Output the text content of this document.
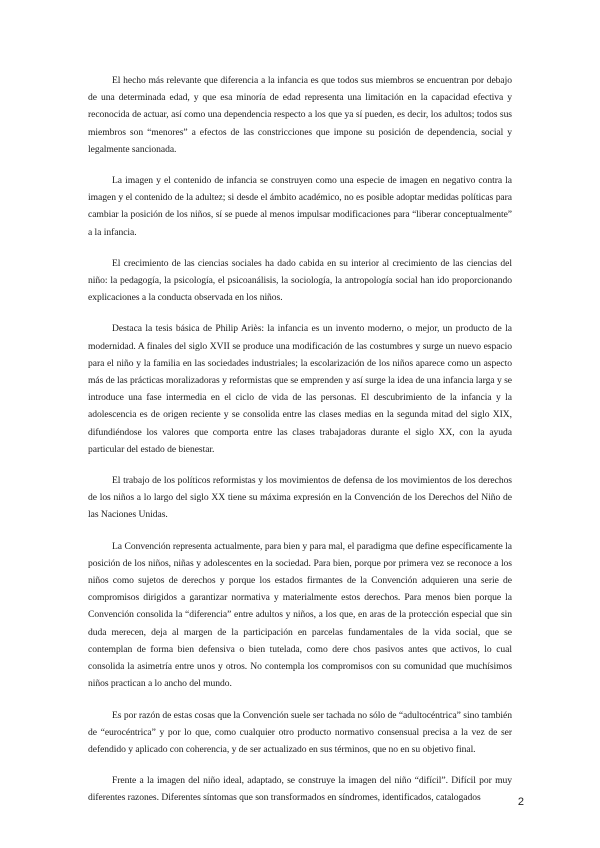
El hecho más relevante que diferencia a la infancia es que todos sus miembros se encuentran por debajo de una determinada edad, y que esa minoría de edad representa una limitación en la capacidad efectiva y reconocida de actuar, así como una dependencia respecto a los que ya sí pueden, es decir, los adultos; todos sus miembros son “menores” a efectos de las constricciones que impone su posición de dependencia, social y legalmente sancionada.

La imagen y el contenido de infancia se construyen como una especie de imagen en negativo contra la imagen y el contenido de la adultez; si desde el ámbito académico, no es posible adoptar medidas políticas para cambiar la posición de los niños, sí se puede al menos impulsar modificaciones para “liberar conceptualmente” a la infancia.

El crecimiento de las ciencias sociales ha dado cabida en su interior al crecimiento de las ciencias del niño: la pedagogía, la psicología, el psicoanálisis, la sociología, la antropología social han ido proporcionando explicaciones a la conducta observada en los niños.

Destaca la tesis básica de Philip Ariès: la infancia es un invento moderno, o mejor, un producto de la modernidad. A finales del siglo XVII se produce una modificación de las costumbres y surge un nuevo espacio para el niño y la familia en las sociedades industriales; la escolarización de los niños aparece como un aspecto más de las prácticas moralizadoras y reformistas que se emprenden y así surge la idea de una infancia larga y se introduce una fase intermedia en el ciclo de vida de las personas. El descubrimiento de la infancia y la adolescencia es de origen reciente y se consolida entre las clases medias en la segunda mitad del siglo XIX, difundiéndose los valores que comporta entre las clases trabajadoras durante el siglo XX, con la ayuda particular del estado de bienestar.

El trabajo de los políticos reformistas y los movimientos de defensa de los movimientos de los derechos de los niños a lo largo del siglo XX tiene su máxima expresión en la Convención de los Derechos del Niño de las Naciones Unidas.

La Convención representa actualmente, para bien y para mal, el paradigma que define específicamente la posición de los niños, niñas y adolescentes en la sociedad. Para bien, porque por primera vez se reconoce a los niños como sujetos de derechos y porque los estados firmantes de la Convención adquieren una serie de compromisos dirigidos a garantizar normativa y materialmente estos derechos. Para menos bien porque la Convención consolida la “diferencia” entre adultos y niños, a los que, en aras de la protección especial que sin duda merecen, deja al margen de la participación en parcelas fundamentales de la vida social, que se contemplan de forma bien defensiva o bien tutelada, como dere chos pasivos antes que activos, lo cual consolida la asimetría entre unos y otros. No contempla los compromisos con su comunidad que muchísimos niños practican a lo ancho del mundo.

Es por razón de estas cosas que la Convención suele ser tachada no sólo de “adultocéntrica” sino también de “eurocéntrica” y por lo que, como cualquier otro producto normativo consensual precisa a la vez de ser defendido y aplicado con coherencia, y de ser actualizado en sus términos, que no en su objetivo final.

Frente a la imagen del niño ideal, adaptado, se construye la imagen del niño “difícil”. Difícil por muy diferentes razones. Diferentes síntomas que son transformados en síndromes, identificados, catalogados	2
